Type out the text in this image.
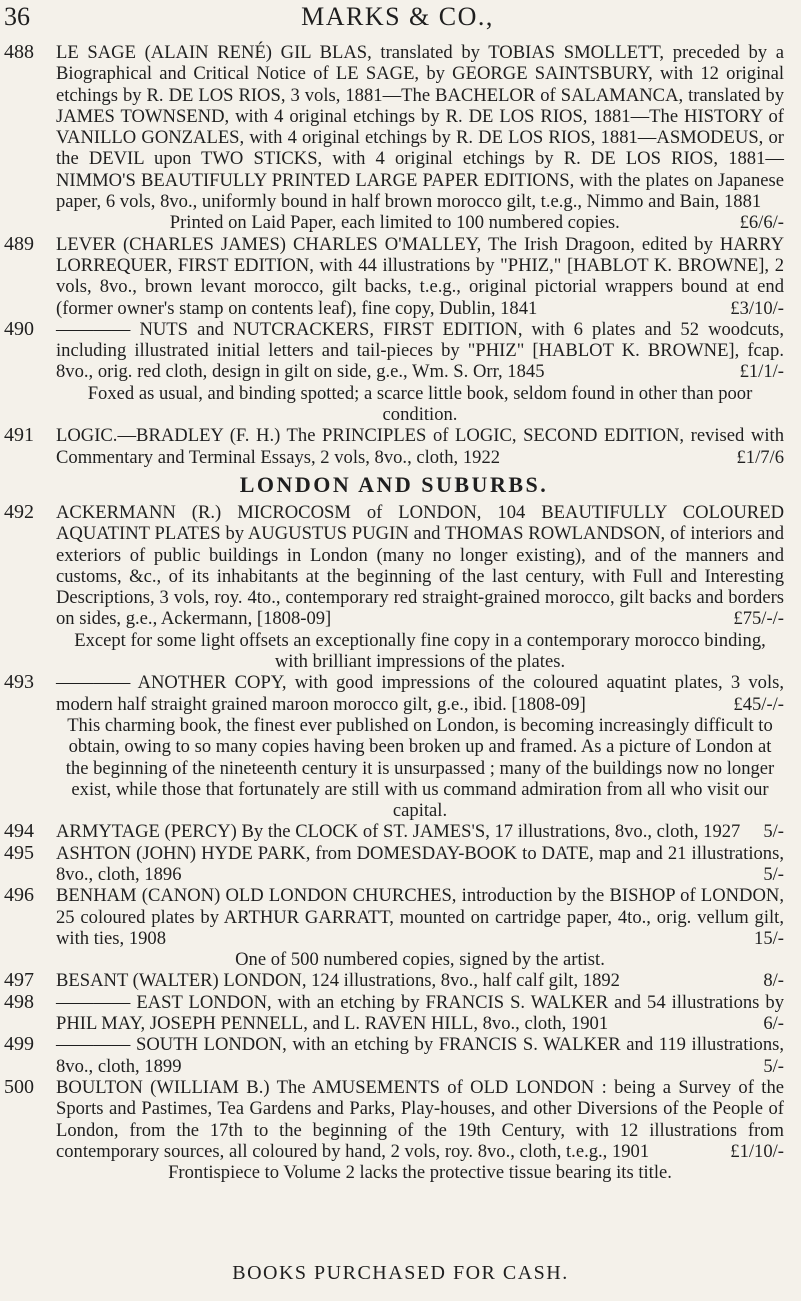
36	MARKS & CO.,
488 LE SAGE (ALAIN RENÉ) GIL BLAS, translated by TOBIAS SMOLLETT, preceded by a Biographical and Critical Notice of LE SAGE, by GEORGE SAINTSBURY, with 12 original etchings by R. DE LOS RIOS, 3 vols, 1881—The BACHELOR of SALAMANCA, translated by JAMES TOWNSEND, with 4 original etchings by R. DE LOS RIOS, 1881—The HISTORY of VANILLO GONZALES, with 4 original etchings by R. DE LOS RIOS, 1881—ASMODEUS, or the DEVIL upon TWO STICKS, with 4 original etchings by R. DE LOS RIOS, 1881—NIMMO'S BEAUTIFULLY PRINTED LARGE PAPER EDITIONS, with the plates on Japanese paper, 6 vols, 8vo., uniformly bound in half brown morocco gilt, t.e.g., Nimmo and Bain, 1881
£6/6/-

Printed on Laid Paper, each limited to 100 numbered copies.

489 LEVER (CHARLES JAMES) CHARLES O'MALLEY, The Irish Dragoon, edited by HARRY LORREQUER, FIRST EDITION, with 44 illustrations by "PHIZ," [HABLOT K. BROWNE], 2 vols, 8vo., brown levant morocco, gilt backs, t.e.g., original pictorial wrappers bound at end (former owner's stamp on contents leaf), fine copy, Dublin, 1841	£3/10/-

490 ———— NUTS and NUTCRACKERS, FIRST EDITION, with 6 plates and 52 woodcuts, including illustrated initial letters and tail-pieces by "PHIZ" [HABLOT K. BROWNE], fcap. 8vo., orig. red cloth, design in gilt on side, g.e., Wm. S. Orr, 1845	£1/1/-

Foxed as usual, and binding spotted; a scarce little book, seldom found in other than poor condition.

491 LOGIC.—BRADLEY (F. H.) The PRINCIPLES of LOGIC, SECOND EDITION, revised with Commentary and Terminal Essays, 2 vols, 8vo., cloth, 1922	£1/7/6

LONDON AND SUBURBS.
492 ACKERMANN (R.) MICROCOSM of LONDON, 104 BEAUTIFULLY COLOURED AQUATINT PLATES by AUGUSTUS PUGIN and THOMAS ROWLANDSON, of interiors and exteriors of public buildings in London (many no longer existing), and of the manners and customs, &c., of its inhabitants at the beginning of the last century, with Full and Interesting Descriptions, 3 vols, roy. 4to., contemporary red straight-grained morocco, gilt backs and borders on sides, g.e., Ackermann, [1808-09]	£75/-/-

Except for some light offsets an exceptionally fine copy in a contemporary morocco binding, with brilliant impressions of the plates.

493 ———— ANOTHER COPY, with good impressions of the coloured aquatint plates, 3 vols, modern half straight grained maroon morocco gilt, g.e., ibid. [1808-09]	£45/-/-

This charming book, the finest ever published on London, is becoming increasingly difficult to obtain, owing to so many copies having been broken up and framed. As a picture of London at the beginning of the nineteenth century it is unsurpassed ; many of the buildings now no longer exist, while those that fortunately are still with us command admiration from all who visit our capital.

494 ARMYTAGE (PERCY) By the CLOCK of ST. JAMES'S, 17 illustrations, 8vo., cloth, 1927 5/-

495 ASHTON (JOHN) HYDE PARK, from DOMESDAY-BOOK to DATE, map and 21 illustrations, 8vo., cloth, 1896	5/-

496 BENHAM (CANON) OLD LONDON CHURCHES, introduction by the BISHOP of LONDON, 25 coloured plates by ARTHUR GARRATT, mounted on cartridge paper, 4to., orig. vellum gilt, with ties, 1908	15/-

One of 500 numbered copies, signed by the artist.

497 BESANT (WALTER) LONDON, 124 illustrations, 8vo., half calf gilt, 1892	8/-

498 ———— EAST LONDON, with an etching by FRANCIS S. WALKER and 54 illustrations by PHIL MAY, JOSEPH PENNELL, and L. RAVEN HILL, 8vo., cloth, 1901	6/-

499 ———— SOUTH LONDON, with an etching by FRANCIS S. WALKER and 119 illustrations, 8vo., cloth, 1899	5/-

500 BOULTON (WILLIAM B.) The AMUSEMENTS of OLD LONDON : being a Survey of the Sports and Pastimes, Tea Gardens and Parks, Play-houses, and other Diversions of the People of London, from the 17th to the beginning of the 19th Century, with 12 illustrations from contemporary sources, all coloured by hand, 2 vols, roy. 8vo., cloth, t.e.g., 1901	£1/10/-

Frontispiece to Volume 2 lacks the protective tissue bearing its title.

BOOKS PURCHASED FOR CASH.
